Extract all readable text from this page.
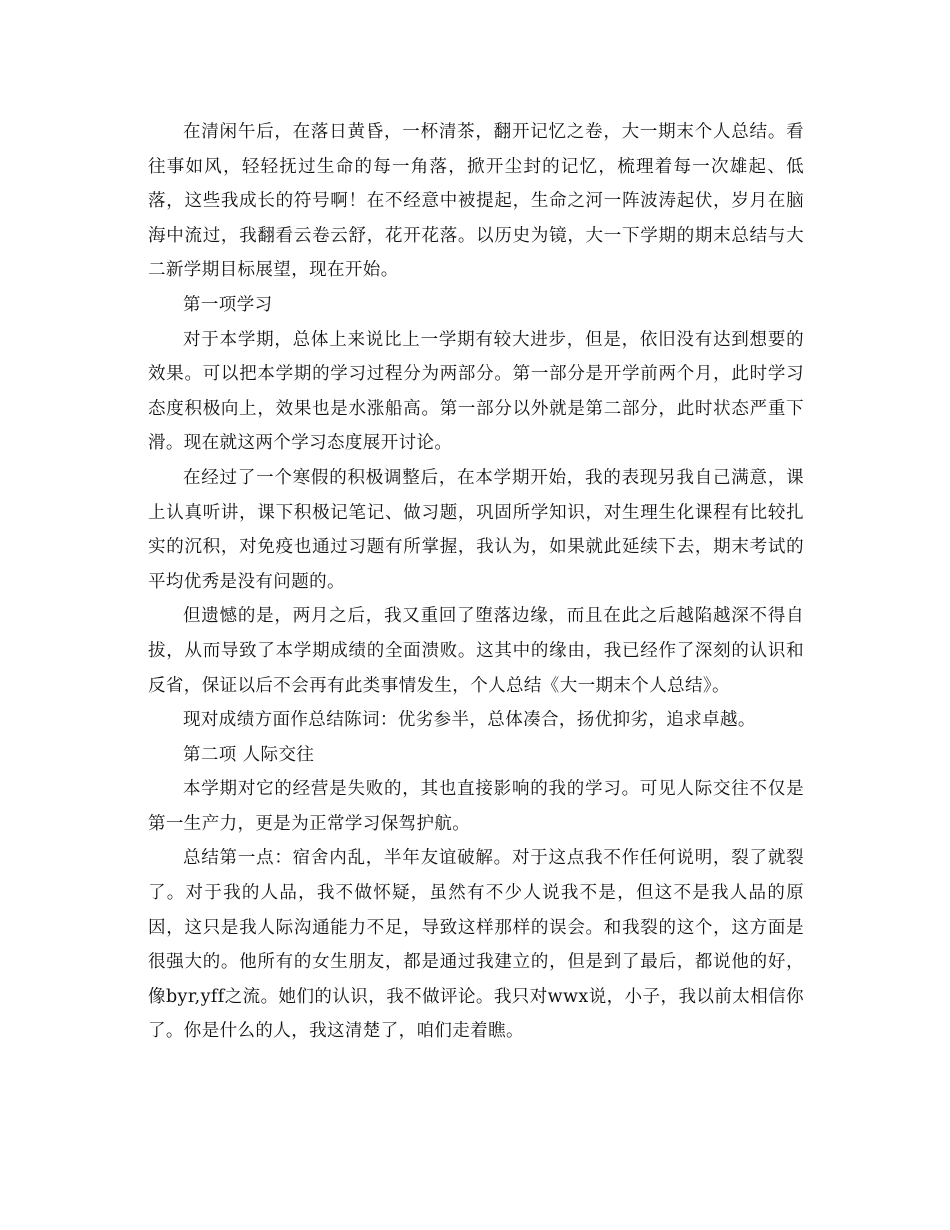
在清闲午后，在落日黄昏，一杯清茶，翻开记忆之卷，大一期末个人总结。看往事如风，轻轻抚过生命的每一角落，掀开尘封的记忆，梳理着每一次雄起、低落，这些我成长的符号啊！在不经意中被提起，生命之河一阵波涛起伏，岁月在脑海中流过，我翻看云卷云舒，花开花落。以历史为镜，大一下学期的期末总结与大二新学期目标展望，现在开始。

第一项学习

对于本学期，总体上来说比上一学期有较大进步，但是，依旧没有达到想要的效果。可以把本学期的学习过程分为两部分。第一部分是开学前两个月，此时学习态度积极向上，效果也是水涨船高。第一部分以外就是第二部分，此时状态严重下滑。现在就这两个学习态度展开讨论。

在经过了一个寒假的积极调整后，在本学期开始，我的表现另我自己满意，课上认真听讲，课下积极记笔记、做习题，巩固所学知识，对生理生化课程有比较扎实的沉积，对免疫也通过习题有所掌握，我认为，如果就此延续下去，期末考试的平均优秀是没有问题的。

但遗憾的是，两月之后，我又重回了堕落边缘，而且在此之后越陷越深不得自拔，从而导致了本学期成绩的全面溃败。这其中的缘由，我已经作了深刻的认识和反省，保证以后不会再有此类事情发生，个人总结《大一期末个人总结》。

现对成绩方面作总结陈词：优劣参半，总体凑合，扬优抑劣，追求卓越。

第二项 人际交往

本学期对它的经营是失败的，其也直接影响的我的学习。可见人际交往不仅是第一生产力，更是为正常学习保驾护航。

总结第一点：宿舍内乱，半年友谊破解。对于这点我不作任何说明，裂了就裂了。对于我的人品，我不做怀疑，虽然有不少人说我不是，但这不是我人品的原因，这只是我人际沟通能力不足，导致这样那样的误会。和我裂的这个，这方面是很强大的。他所有的女生朋友，都是通过我建立的，但是到了最后，都说他的好，像byr,yff之流。她们的认识，我不做评论。我只对wwx说，小子，我以前太相信你了。你是什么的人，我这清楚了，咱们走着瞧。
